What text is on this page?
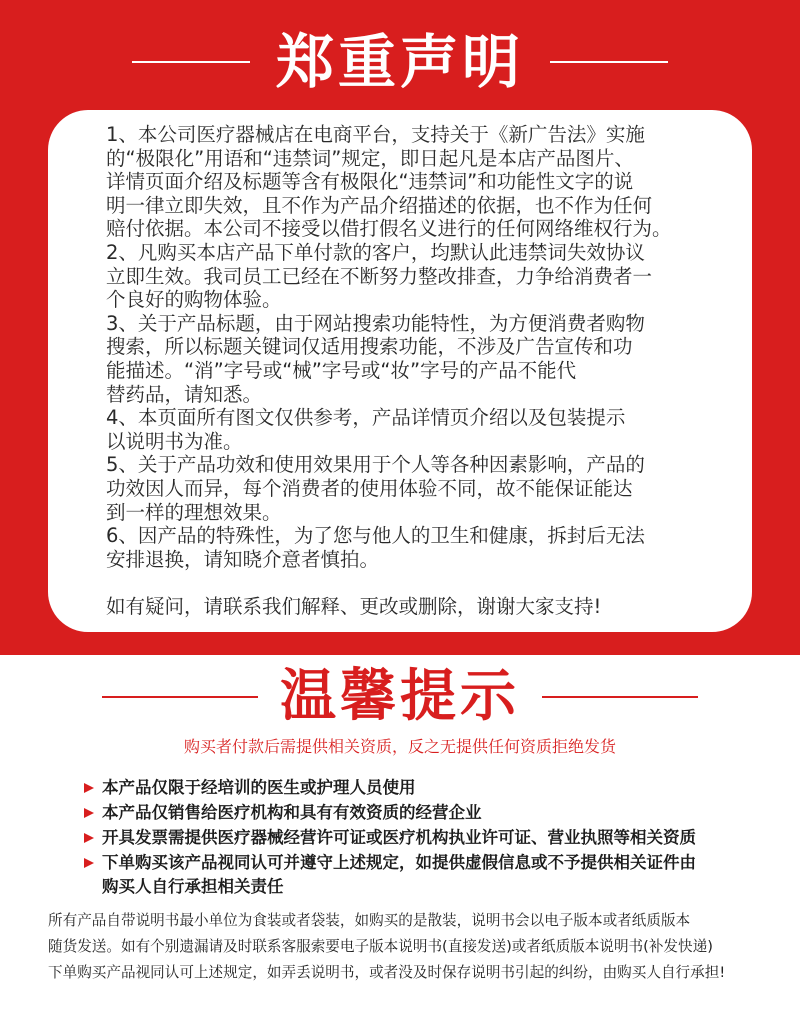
郑重声明

1、本公司医疗器械店在电商平台，支持关于《新广告法》实施
的“极限化”用语和“违禁词”规定，即日起凡是本店产品图片、
详情页面介绍及标题等含有极限化“违禁词”和功能性文字的说
明一律立即失效，且不作为产品介绍描述的依据，也不作为任何
赔付依据。本公司不接受以借打假名义进行的任何网络维权行为。

2、凡购买本店产品下单付款的客户，均默认此违禁词失效协议
立即生效。我司员工已经在不断努力整改排查，力争给消费者一
个良好的购物体验。

3、关于产品标题，由于网站搜索功能特性，为方便消费者购物
搜索，所以标题关键词仅适用搜索功能，不涉及广告宣传和功
能描述。“消”字号或“械”字号或“妆”字号的产品不能代
替药品，请知悉。

4、本页面所有图文仅供参考，产品详情页介绍以及包装提示
以说明书为准。

5、关于产品功效和使用效果用于个人等各种因素影响，产品的
功效因人而异，每个消费者的使用体验不同，故不能保证能达
到一样的理想效果。

6、因产品的特殊性，为了您与他人的卫生和健康，拆封后无法
安排退换，请知晓介意者慎拍。

如有疑问，请联系我们解释、更改或删除，谢谢大家支持!

温馨提示
购买者付款后需提供相关资质，反之无提供任何资质拒绝发货
本产品仅限于经培训的医生或护理人员使用
本产品仅销售给医疗机构和具有有效资质的经营企业
开具发票需提供医疗器械经营许可证或医疗机构执业许可证、营业执照等相关资质
下单购买该产品视同认可并遵守上述规定，如提供虚假信息或不予提供相关证件由
购买人自行承担相关责任
所有产品自带说明书最小单位为食装或者袋装，如购买的是散装，说明书会以电子版本或者纸质版本
随货发送。如有个别遗漏请及时联系客服索要电子版本说明书(直接发送)或者纸质版本说明书(补发快递)
下单购买产品视同认可上述规定，如弄丢说明书，或者没及时保存说明书引起的纠纷，由购买人自行承担!
